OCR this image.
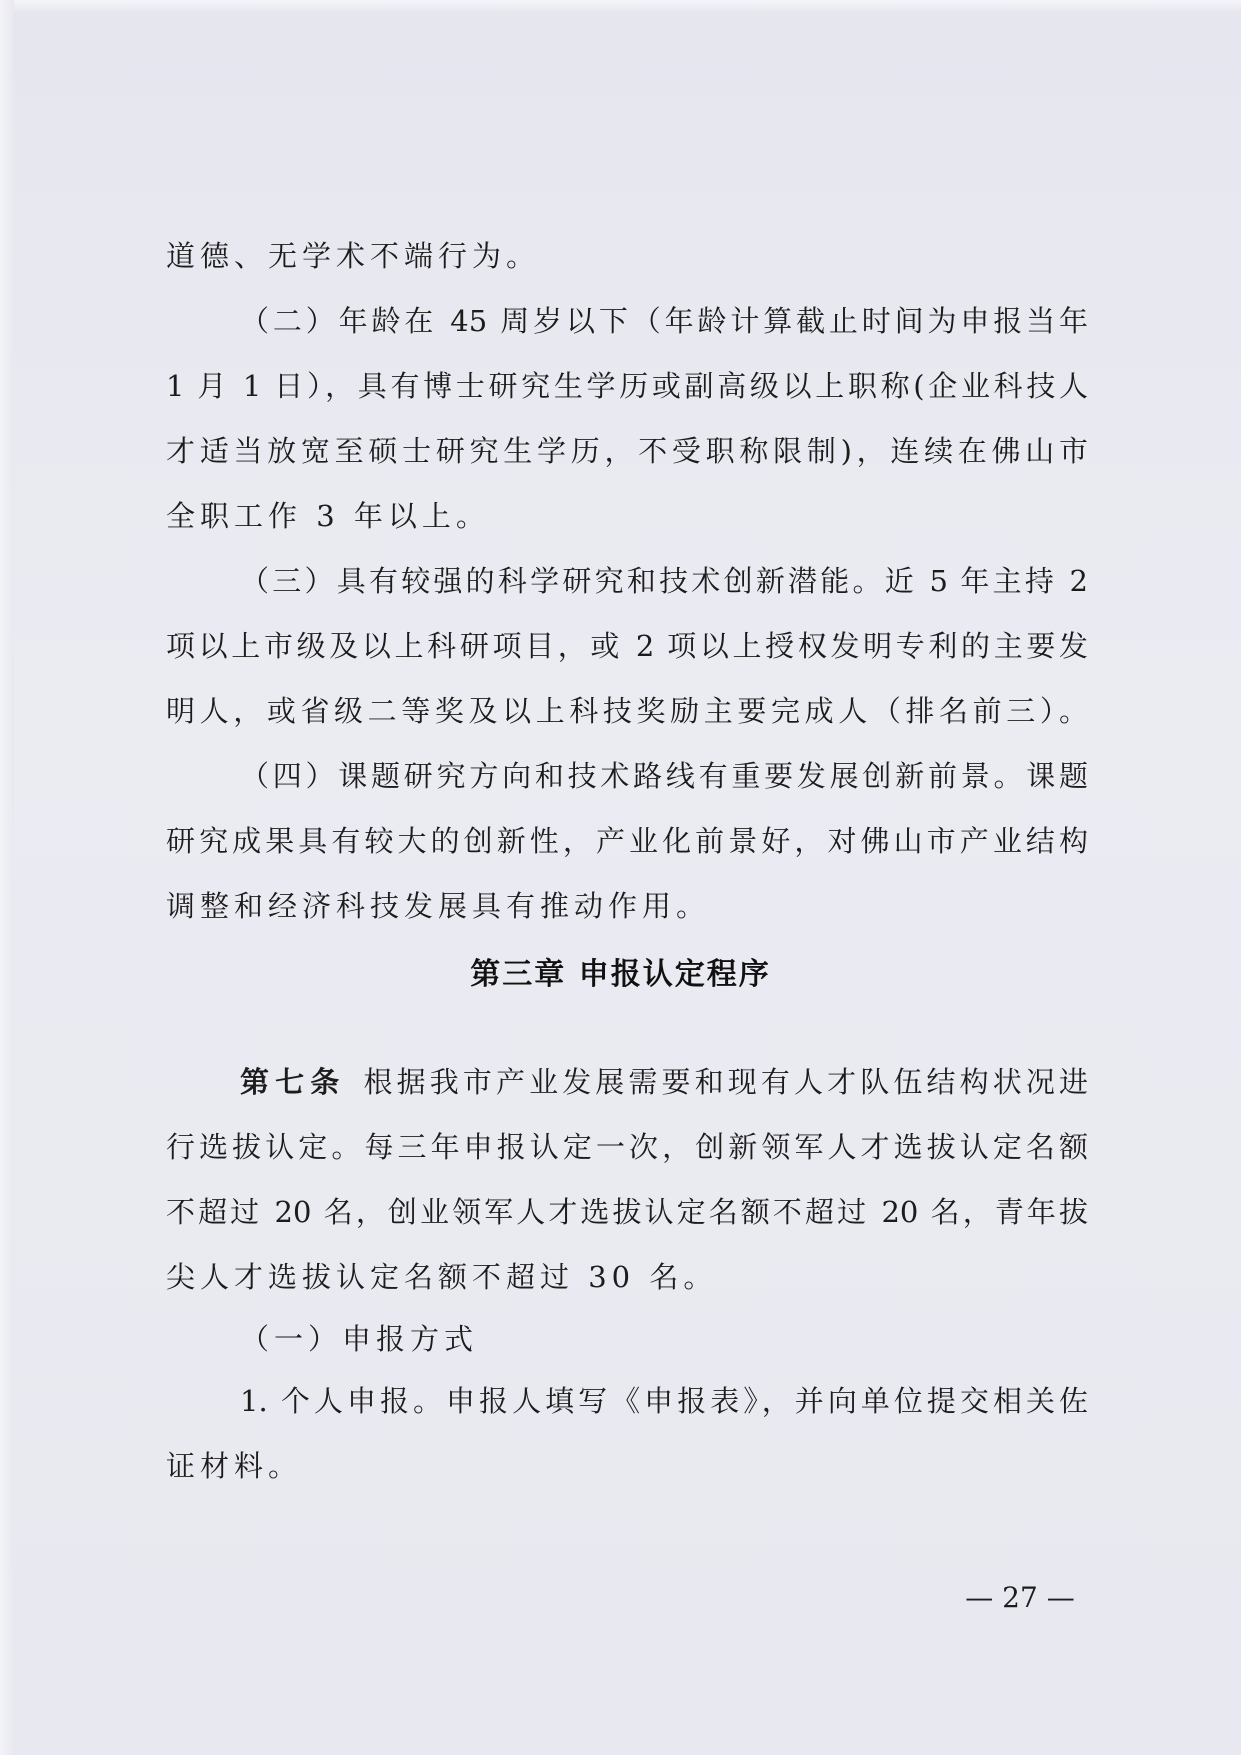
道德、无学术不端行为。

（二）年龄在 45 周岁以下（年龄计算截止时间为申报当年

1 月 1 日），具有博士研究生学历或副高级以上职称(企业科技人

才适当放宽至硕士研究生学历，不受职称限制)，连续在佛山市

全职工作 3 年以上。

（三）具有较强的科学研究和技术创新潜能。近 5 年主持 2

项以上市级及以上科研项目，或 2 项以上授权发明专利的主要发

明人，或省级二等奖及以上科技奖励主要完成人（排名前三）。

（四）课题研究方向和技术路线有重要发展创新前景。课题

研究成果具有较大的创新性，产业化前景好，对佛山市产业结构

调整和经济科技发展具有推动作用。

第三章 申报认定程序

第七条 根据我市产业发展需要和现有人才队伍结构状况进

行选拔认定。每三年申报认定一次，创新领军人才选拔认定名额

不超过 20 名，创业领军人才选拔认定名额不超过 20 名，青年拔

尖人才选拔认定名额不超过 30 名。

（一）申报方式

1. 个人申报。申报人填写《申报表》，并向单位提交相关佐

证材料。

— 27 —
